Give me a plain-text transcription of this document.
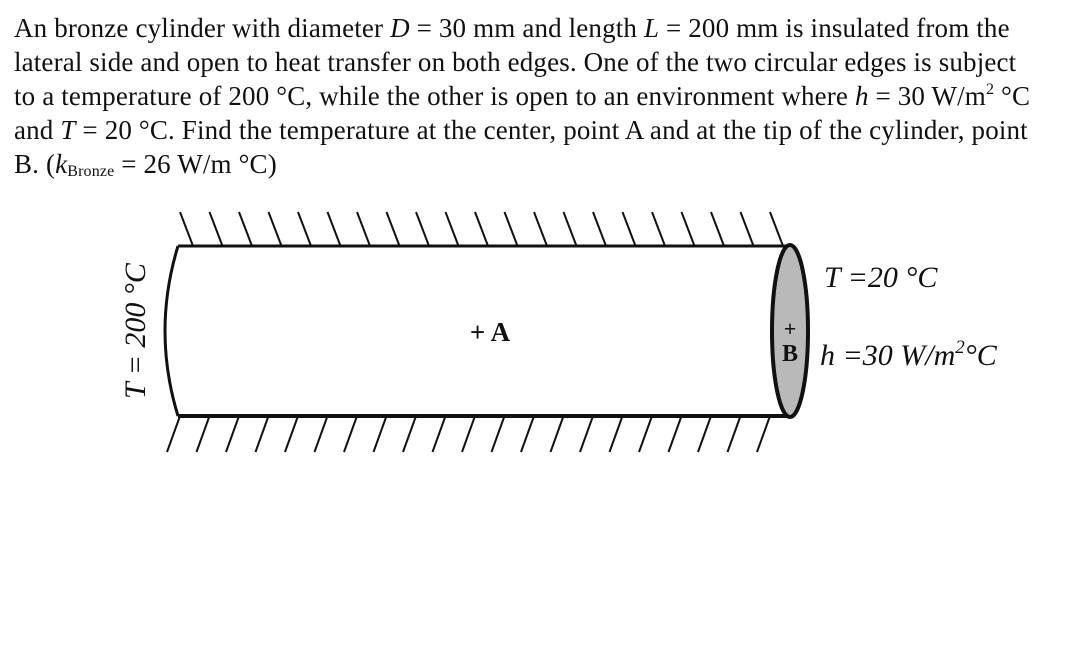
An bronze cylinder with diameter D = 30 mm and length L = 200 mm is insulated from the
lateral side and open to heat transfer on both edges. One of the two circular edges is subject
to a temperature of 200 °C, while the other is open to an environment where h = 30 $W/m^2$ °C
and T = 20 °C. Find the temperature at the center, point A and at the tip of the cylinder, point
B. ($k_{Bronze} = 26$ W/m °C)
T = 200 °C	+ A	+
B
T =20 °C
h =30 $W/m^2^\circ C$
